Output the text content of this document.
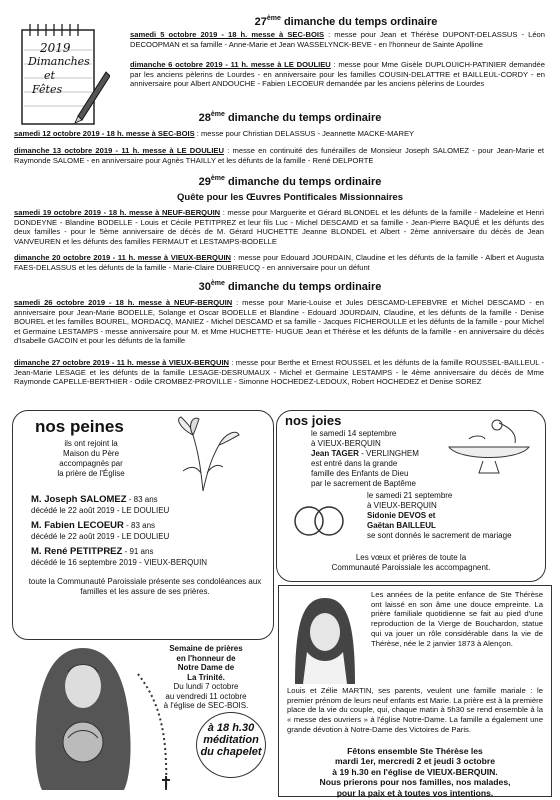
2019
Dimanches
et
Fêtes
27ème dimanche du temps ordinaire
samedi 5 octobre 2019 - 18 h. messe à SEC-BOIS : messe pour Jean et Thérèse DUPONT-DELASSUS - Léon DECOOPMAN et sa famille - Anne-Marie et Jean WASSELYNCK-BEVE - en l'honneur de Sainte Apolline
dimanche 6 octobre 2019 - 11 h. messe à LE DOULIEU : messe pour Mme Gisèle DUPLOUICH-PATINIER demandée par les anciens pèlerins de Lourdes - en anniversaire pour les familles COUSIN-DELATTRE et BAILLEUL-CORDY - en anniversaire pour Albert ANDOUCHE - Fabien LECOEUR demandée par les anciens pèlerins de Lourdes
28ème dimanche du temps ordinaire
samedi 12 octobre 2019 - 18 h. messe à SEC-BOIS : messe pour Christian DELASSUS - Jeannette MACKE-MAREY
dimanche 13 octobre 2019 - 11 h. messe à LE DOULIEU : messe en continuité des funérailles de Monsieur Joseph SALOMEZ - pour Jean-Marie et Raymonde SALOME - en anniversaire pour Agnès THAILLY et les défunts de la famille - René DELPORTE
29ème dimanche du temps ordinaire
Quête pour les Œuvres Pontificales Missionnaires
samedi 19 octobre 2019 - 18 h. messe à NEUF-BERQUIN : messe pour Marguerite et Gérard BLONDEL et les défunts de la famille - Madeleine et Henri DONDEYNE - Blandine BODELLE - Louis et Cécile PETITPREZ et leur fils Luc - Michel DESCAMD et sa famille - Jean-Pierre BAQUÉ et les défunts des deux familles - pour le 5ème anniversaire de décès de M. Gérard HUCHETTE Jeanne BLONDEL et Albert - 2ème anniversaire du décès de Jean VANVEUREN et les défunts des familles FERMAUT et LESTAMPS-BODELLE
dimanche 20 octobre 2019 - 11 h. messe à VIEUX-BERQUIN : messe pour Edouard JOURDAIN, Claudine et les défunts de la famille - Albert et Augusta FAES-DELASSUS et les défunts de la famille - Marie-Claire DUBREUCQ - en anniversaire pour un défunt
30ème dimanche du temps ordinaire
samedi 26 octobre 2019 - 18 h. messe à NEUF-BERQUIN : messe pour Marie-Louise et Jules DESCAMD-LEFEBVRE et Michel DESCAMD - en anniversaire pour Jean-Marie BODELLE, Solange et Oscar BODELLE et Blandine - Edouard JOURDAIN, Claudine, et les défunts de la famille - Denise BOUREL et les familles BOUREL, MORDACQ, MANIEZ - Michel DESCAMD et sa famille - Jacques FICHEROULLE et les défunts de la famille - pour Michel et Germaine LESTAMPS - messe anniversaire pour M. et Mme HUCHETTE- HUGUE Jean et Thérèse et les défunts de la famille - en anniversaire du décès d'Isabelle GACOIN et pour les défunts de la famille
dimanche 27 octobre 2019 - 11 h. messe à VIEUX-BERQUIN : messe pour Berthe et Ernest ROUSSEL et les défunts de la famille ROUSSEL-BAILLEUL - Jean-Marie LESAGE et les défunts de la famille LESAGE-DESRUMAUX - Michel et Germaine LESTAMPS - le 4ème anniversaire du décès de Mme Raymonde CAPELLE-BERTHIER - Odile CROMBEZ-PROVILLE - Simonne HOCHEDEZ-LEDOUX, Robert HOCHEDEZ et Denise SOREZ
nos peines
ils ont rejoint la
Maison du Père
accompagnés par
la prière de l'Église
M. Joseph SALOMEZ - 83 ans
décédé le 22 août 2019 - LE DOULIEU
M. Fabien LECOEUR - 83 ans
décédé le 22 août 2019 - LE DOULIEU
M. René PETITPREZ - 91 ans
décédé le 16 septembre 2019 - VIEUX-BERQUIN
toute la Communauté Paroissiale présente ses condoléances aux familles et les assure de ses prières.
nos joies
le samedi 14 septembre
à VIEUX-BERQUIN
Jean TAGER - VERLINGHEM
est entré dans la grande
famille des Enfants de Dieu
par le sacrement de Baptême
le samedi 21 septembre
à VIEUX-BERQUIN
Sidonie DEVOS et
Gaëtan BAILLEUL
se sont donnés le sacrement de mariage
Les vœux et prières de toute la
Communauté Paroissiale les accompagnent.
Semaine de prières
en l'honneur de
Notre Dame de
La Trinité.
Du lundi 7 octobre
au vendredi 11 octobre
à l'église de SEC-BOIS.
à 18 h.30
méditation
du chapelet
Les années de la petite enfance de Ste Thérèse ont laissé en son âme une douce empreinte. La prière familiale quotidienne se fait au pied d'une reproduction de la Vierge de Bouchardon, statue qui va jouer un rôle considérable dans la vie de Thérèse, née le 2 janvier 1873 à Alençon.
Louis et Zélie MARTIN, ses parents, veulent une famille mariale : le premier prénom de leurs neuf enfants est Marie. La prière est à la première place de la vie du couple, qui, chaque matin à 5h30 se rend ensemble à la « messe des ouvriers » à l'église Notre-Dame. La famille a également une grande dévotion à Notre-Dame des Victoires de Paris.
Fêtons ensemble Ste Thérèse les
mardi 1er, mercredi 2 et jeudi 3 octobre
à 19 h.30 en l'église de VIEUX-BERQUIN.
Nous prierons pour nos familles, nos malades,
pour la paix et à toutes vos intentions.
